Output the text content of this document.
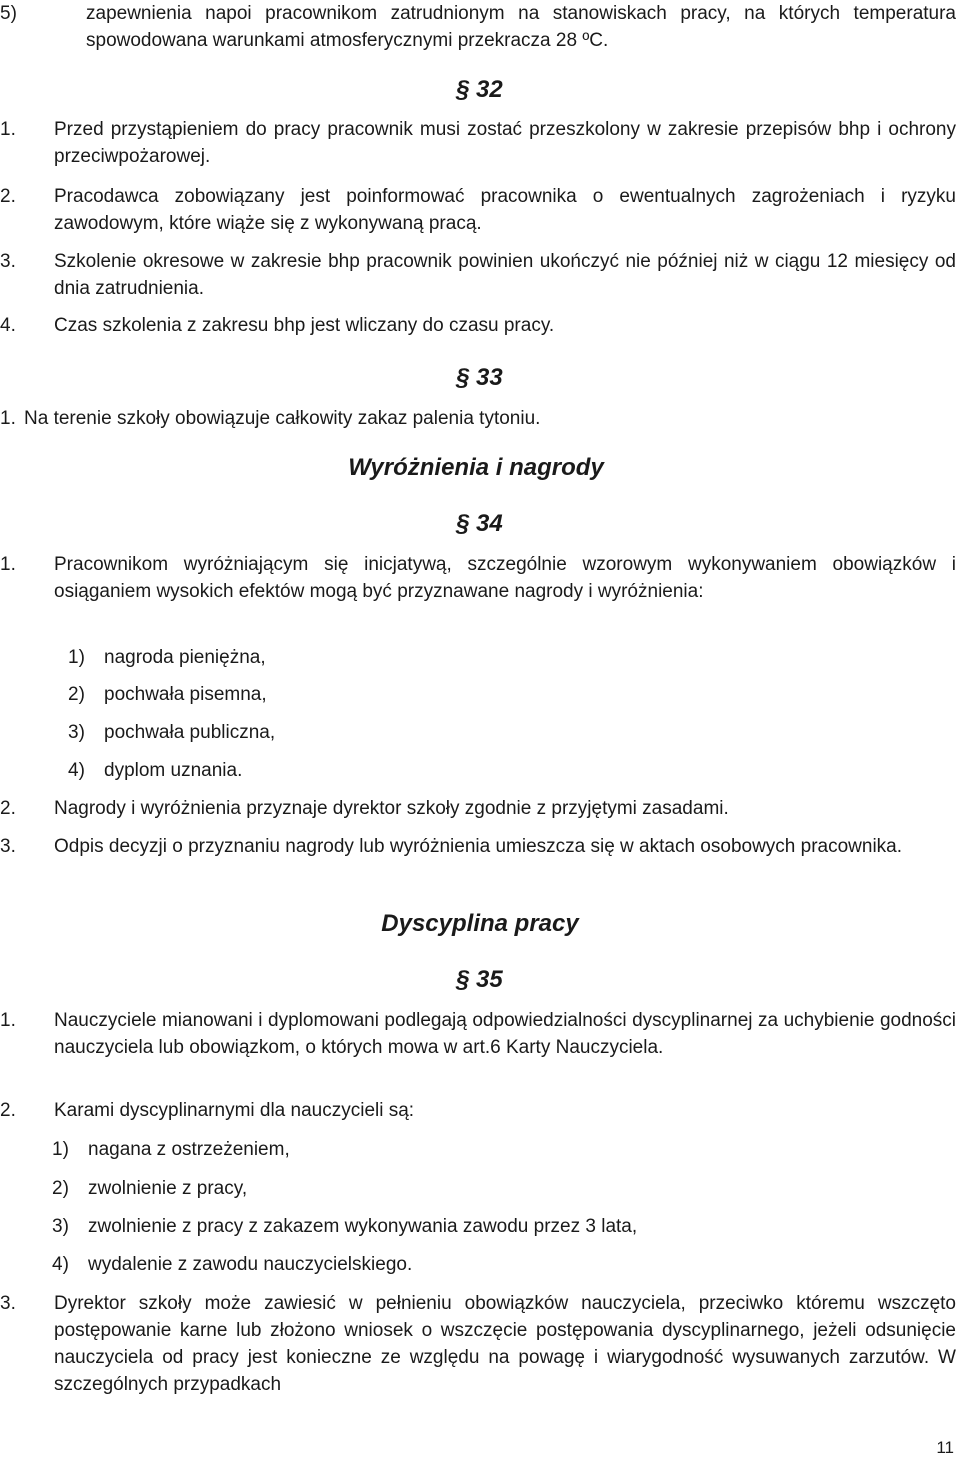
5)	zapewnienia napoi pracownikom zatrudnionym na stanowiskach pracy, na których temperatura spowodowana warunkami atmosferycznymi przekracza 28 ºC.
§ 32
1. Przed przystąpieniem do pracy pracownik musi zostać przeszkolony w zakresie przepisów bhp i ochrony przeciwpożarowej.
2. Pracodawca zobowiązany jest poinformować pracownika o ewentualnych zagrożeniach i ryzyku zawodowym, które wiąże się z wykonywaną pracą.
3. Szkolenie okresowe w zakresie bhp pracownik powinien ukończyć nie później niż w ciągu 12 miesięcy od dnia zatrudnienia.
4. Czas szkolenia z zakresu bhp jest wliczany do czasu pracy.
§ 33
1. Na terenie szkoły obowiązuje całkowity zakaz palenia tytoniu.
Wyróżnienia i nagrody
§ 34
1. Pracownikom wyróżniającym się inicjatywą, szczególnie wzorowym wykonywaniem obowiązków i osiąganiem wysokich efektów mogą być przyznawane nagrody i wyróżnienia:
1) nagroda pieniężna,
2) pochwała pisemna,
3) pochwała publiczna,
4) dyplom uznania.
2. Nagrody i wyróżnienia przyznaje dyrektor szkoły zgodnie z przyjętymi zasadami.
3. Odpis decyzji o przyznaniu nagrody lub wyróżnienia umieszcza się w aktach osobowych pracownika.
Dyscyplina pracy
§ 35
1. Nauczyciele mianowani i dyplomowani podlegają odpowiedzialności dyscyplinarnej za uchybienie godności nauczyciela lub obowiązkom, o których mowa w art.6 Karty Nauczyciela.
2. Karami dyscyplinarnymi dla nauczycieli są:
1) nagana z ostrzeżeniem,
2) zwolnienie z pracy,
3) zwolnienie z pracy z zakazem wykonywania zawodu przez 3 lata,
4) wydalenie z zawodu nauczycielskiego.
3. Dyrektor szkoły może zawiesić w pełnieniu obowiązków nauczyciela, przeciwko któremu wszczęto postępowanie karne lub złożono wniosek o wszczęcie postępowania dyscyplinarnego, jeżeli odsunięcie nauczyciela od pracy jest konieczne ze względu na powagę i wiarygodność wysuwanych zarzutów. W szczególnych przypadkach
11
